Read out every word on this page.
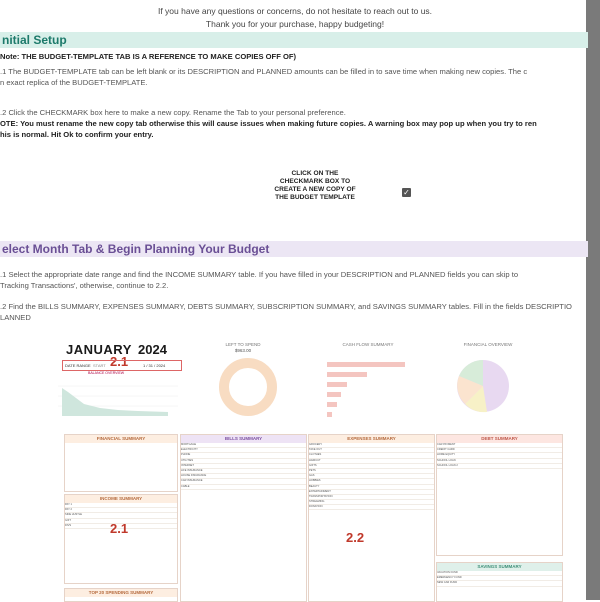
If you have any questions or concerns, do not hesitate to reach out to us.
Thank you for your purchase, happy budgeting!
nitial Setup
Note: THE BUDGET-TEMPLATE TAB IS A REFERENCE TO MAKE COPIES OFF OF)
.1 The BUDGET-TEMPLATE tab can be left blank or its DESCRIPTION and PLANNED amounts can be filled in to save time when making new copies. The c
n exact replica of the BUDGET-TEMPLATE.
.2 Click the CHECKMARK box here to make a new copy. Rename the Tab to your personal preference.
OTE: You must rename the new copy tab otherwise this will cause issues when making future copies. A warning box may pop up when you try to ren
his is normal. Hit Ok to confirm your entry.
CLICK ON THE CHECKMARK BOX TO CREATE A NEW COPY OF THE BUDGET TEMPLATE
✓
elect Month Tab & Begin Planning Your Budget
.1 Select the appropriate date range and find the INCOME SUMMARY table. If you have filled in your DESCRIPTION and PLANNED fields you can skip to
Tracking Transactions', otherwise, continue to 2.2.
.2 Find the BILLS SUMMARY, EXPENSES SUMMARY, DEBTS SUMMARY, SUBSCRIPTION SUMMARY, and SAVINGS SUMMARY tables. Fill in the fields DESCRIPTIO
LANNED
JANUARY 2024
2.1
DATE RANGE START	1 / 31 / 2024
BALANCE OVERVIEW
LEFT TO SPEND
$963.00
CASH FLOW SUMMARY	FINANCIAL OVERVIEW
FINANCIAL SUMMARY
INCOME SUMMARY
PAY 1
PAY 2
SIDE HUSTLE
GIFT
DIVS	2.1
TOP 20 SPENDING SUMMARY
BILLS SUMMARY
MORTGAGE
ELECTRICITY
PHONE
UTILITIES
INTERNET
LIFE INSURANCE
HOUSE INSURANCE
CAR INSURANCE
CABLE
EXPENSES SUMMARY
GROCERY
TAKE OUT
CLOTHES
HAIRCUT
GIFTS
PETS
GAS
HOBBIES
BEAUTY
ENTERTAINMENT
TRANSPORTATION
STREAMING
DONATION
2.2
DEBT SUMMARY
CAR PAYMENT
CREDIT CARD
HOME EQUITY
SCHOOL LOAN
SCHOOL LOAN 2
SAVINGS SUMMARY
VACATION FUND
EMERGENCY FUND
NEW CAR FUND
